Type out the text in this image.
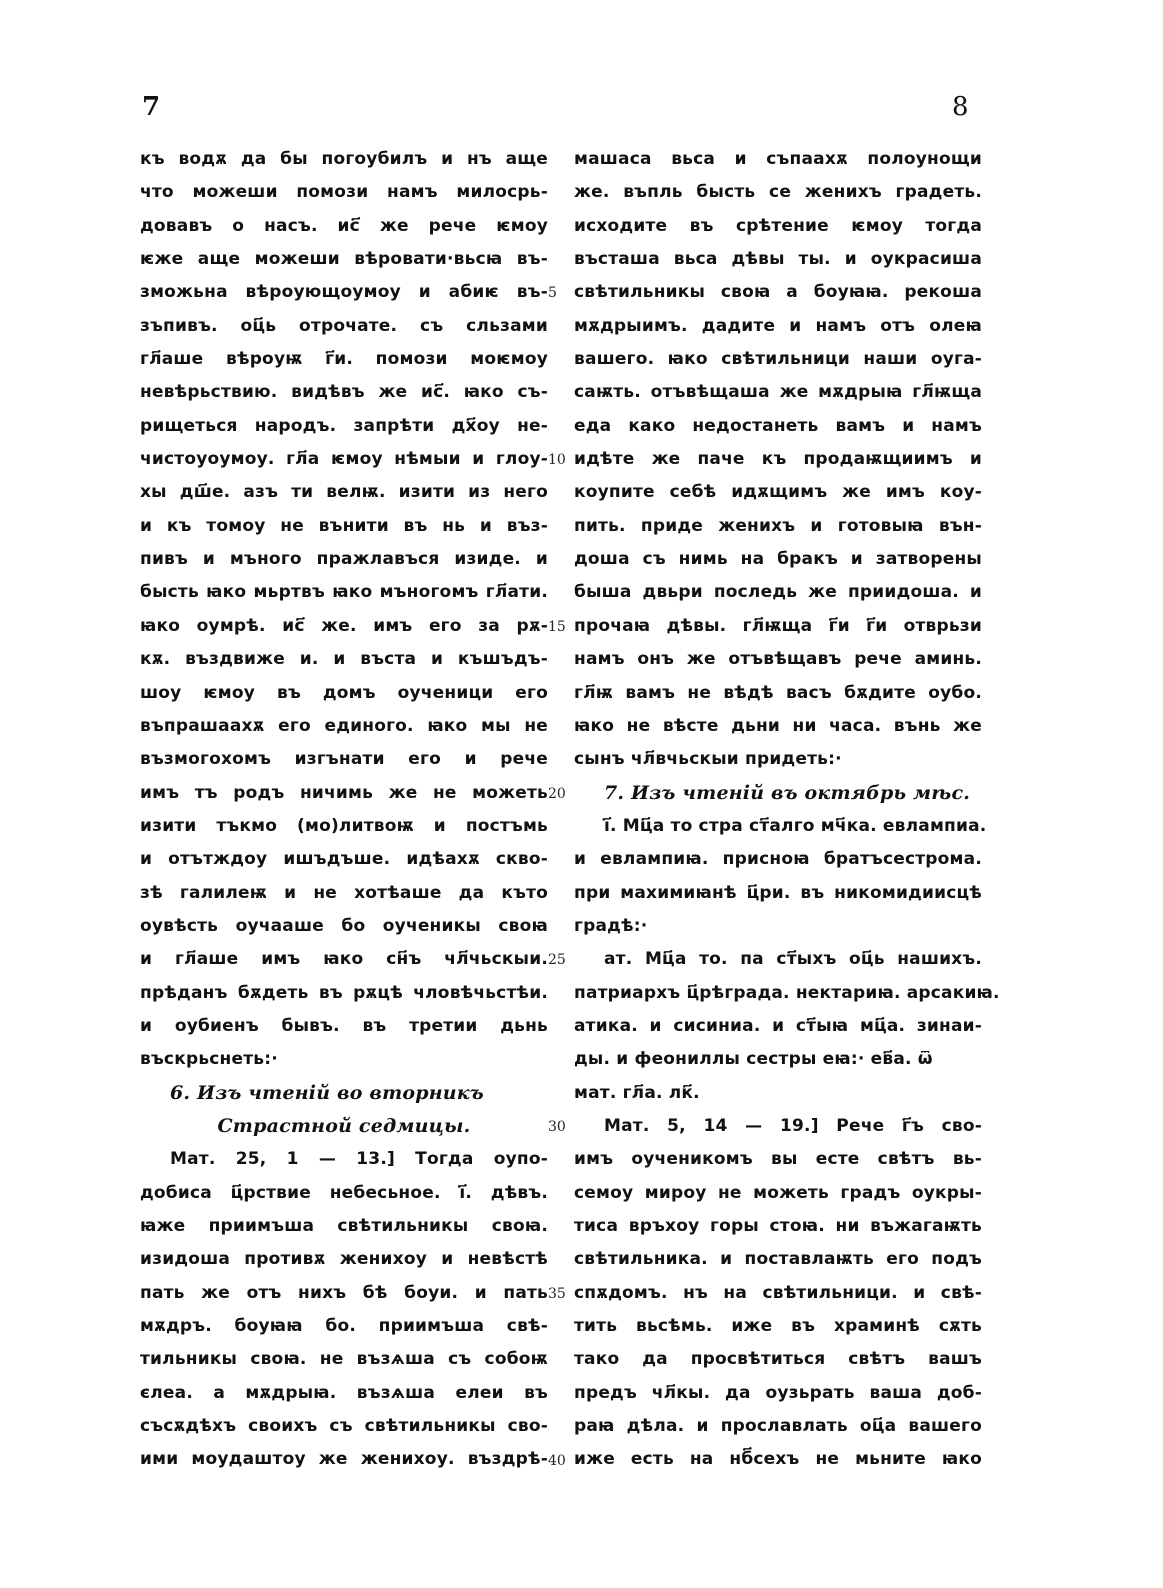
7	8
къ водѫ да бы погоубилъ и нъ аще
что можеши помози намъ милосрь-
довавъ о насъ. ис҃ же рече ѥмоу
ѥже аще можеши вѣровати·вьсꙗ въ-
зможьна вѣроующоумоу и абиѥ въ-
зъпивъ. оц҃ь отрочате. съ сльзами
гл҃аше вѣроуѭ г҃и. помози моѥмоу
невѣрьствию. видѣвъ же ис҃. ꙗко съ-
рищеться народъ. запрѣти дх҃оу не-
чистоуоумоу. гл҃а ѥмоу нѣмыи и глоу-
хы дш҃е. азъ ти велѭ. изити из него
и къ томоу не вънити въ нь и въз-
пивъ и мъного пражлавъся изиде. и
бысть ꙗко мьртвъ ꙗко мъногомъ гл҃ати.
ꙗко оумрѣ. ис҃ же. имъ его за рѫ-
кѫ. въздвиже и. и въста и къшъдъ-
шоу ѥмоу въ домъ оученици его
въпрашаахѫ его единого. ꙗко мы не
възмогохомъ изгънати его и рече
имъ тъ родъ ничимь же не можеть
изити тъкмо (мо)литвоѭ и постъмь
и отътждоу ишъдъше. идѣахѫ скво-
зѣ галилеѭ и не хотѣаше да къто
оувѣсть оучааше бо оученикы своꙗ
и гл҃аше имъ ꙗко сн҃ъ чл҃чьскыи.
прѣданъ бѫдеть въ рѫцѣ чловѣчьстѣи.
и оубиенъ бывъ. въ третии дьнь
въскрьснеть:·
6. Изъ чтеній во вторникъ
Страстной седмицы.
Мат. 25, 1 — 13.] Тогда оупо-
добиса ц҃рствие небесьное. і҃. дѣвъ.
ꙗже приимъша свѣтильникы своꙗ.
изидоша противѫ женихоу и невѣстѣ
пать же отъ нихъ бѣ боуи. и пать
мѫдръ. боуꙗꙗ бо. приимъша свѣ-
тильникы своꙗ. не възѧша съ собоѭ
єлеа. а мѫдрыꙗ. възѧша елеи въ
съсѫдѣхъ своихъ съ свѣтильникы сво-
ими моудаштоу же женихоу. въздрѣ-
машаса вьса и съпаахѫ полоунощи
же. въпль бысть се женихъ градеть.
исходите въ срѣтение ѥмоу тогда
въсташа вьса дѣвы ты. и оукрасиша
свѣтильникы своꙗ а боуꙗꙗ. рекоша
мѫдрыимъ. дадите и намъ отъ олеꙗ
вашего. ꙗко свѣтильници наши оуга-
саѭть. отъвѣщаша же мѫдрыꙗ гл҃ѭща
еда како недостанеть вамъ и намъ
идѣте же паче къ продаѭщиимъ и
коупите себѣ идѫщимъ же имъ коу-
пить. приде женихъ и готовыꙗ вън-
доша съ нимь на бракъ и затворены
быша двьри последь же приидоша. и
прочаꙗ дѣвы. гл҃ѭща г҃и г҃и отврьзи
намъ онъ же отъвѣщавъ рече аминь.
гл҃ѭ вамъ не вѣдѣ васъ бѫдите оубо.
ꙗко не вѣсте дьни ни часа. вънь же
сынъ чл҃вчьскыи придеть:·
7. Изъ чтеній въ октябрь мѣс.
і҃. Мц҃а то стра ст҃алго мч҃ка. евлампиа.
и евлампиꙗ. присноꙗ братъсестрома.
при махимиꙗнѣ ц҃ри. въ никомидиисцѣ
градѣ:·
ат. Мц҃а то. па ст҃ыхъ оц҃ь нашихъ.
патриархъ ц҃рѣграда. нектариꙗ. арсакиꙗ.
атика. и сисиниа. и ст҃ыꙗ мц҃а. зинаи-
ды. и феониллы сестры еꙗ:· ев҃а. ѿ
мат. гл҃а. лк҃.
Мат. 5, 14 — 19.] Рече г҃ъ сво-
имъ оученикомъ вы есте свѣтъ вь-
семоу мироу не можеть градъ оукры-
тиса връхоу горы стоꙗ. ни въжагаѭть
свѣтильника. и поставлаѭть его подъ
спѫдомъ. нъ на свѣтильници. и свѣ-
тить вьсѣмь. иже въ храминѣ сѫть
тако да просвѣтиться свѣтъ вашъ
предъ чл҃кы. да оузьрать ваша доб-
раꙗ дѣла. и прославлать оц҃а вашего
иже есть на нб҃сехъ не мьните ꙗко
5
10
15
20
25
30
35
40
